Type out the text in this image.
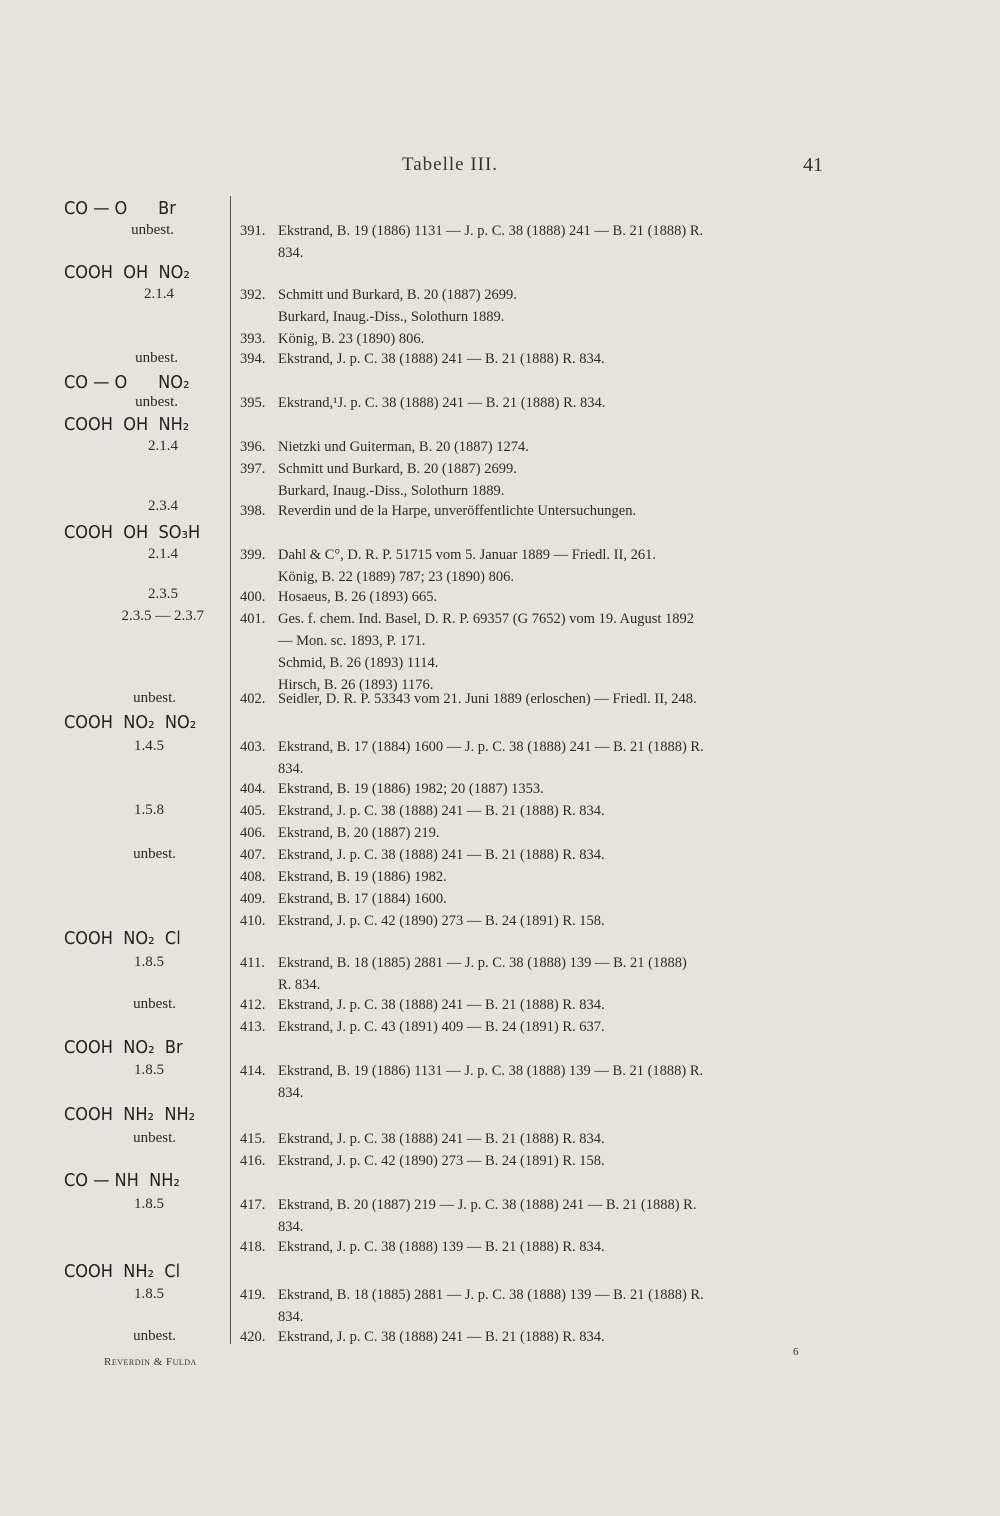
Tabelle III.	41
CO — O      Br
COOH  OH  NO₂
CO — O      NO₂
COOH  OH  NH₂
COOH  OH  SO₃H
COOH  NO₂  NO₂
COOH  NO₂  Cl
COOH  NO₂  Br
COOH  NH₂  NH₂
CO — NH  NH₂
COOH  NH₂  Cl
unbest.
2.1.4
unbest.
unbest.
2.1.4
2.3.4
2.1.4
2.3.5
2.3.5 — 2.3.7
unbest.
1.4.5
1.5.8
unbest.
1.8.5
unbest.
1.8.5
unbest.
1.8.5
1.8.5
unbest.
391. Ekstrand, B. 19 (1886) 1131 — J. p. C. 38 (1888) 241 — B. 21 (1888) R.
834.
392. Schmitt und Burkard, B. 20 (1887) 2699.
Burkard, Inaug.-Diss., Solothurn 1889.
393. König, B. 23 (1890) 806.
394. Ekstrand, J. p. C. 38 (1888) 241 — B. 21 (1888) R. 834.
395. Ekstrand,¹J. p. C. 38 (1888) 241 — B. 21 (1888) R. 834.
396. Nietzki und Guiterman, B. 20 (1887) 1274.
397. Schmitt und Burkard, B. 20 (1887) 2699.
Burkard, Inaug.-Diss., Solothurn 1889.
398. Reverdin und de la Harpe, unveröffentlichte Untersuchungen.
399. Dahl & C°, D. R. P. 51715 vom 5. Januar 1889 — Friedl. II, 261.
König, B. 22 (1889) 787; 23 (1890) 806.
400. Hosaeus, B. 26 (1893) 665.
401. Ges. f. chem. Ind. Basel, D. R. P. 69357 (G 7652) vom 19. August 1892
— Mon. sc. 1893, P. 171.
Schmid, B. 26 (1893) 1114.
Hirsch, B. 26 (1893) 1176.
402. Seidler, D. R. P. 53343 vom 21. Juni 1889 (erloschen) — Friedl. II, 248.
403. Ekstrand, B. 17 (1884) 1600 — J. p. C. 38 (1888) 241 — B. 21 (1888) R.
834.
404. Ekstrand, B. 19 (1886) 1982; 20 (1887) 1353.
405. Ekstrand, J. p. C. 38 (1888) 241 — B. 21 (1888) R. 834.
406. Ekstrand, B. 20 (1887) 219.
407. Ekstrand, J. p. C. 38 (1888) 241 — B. 21 (1888) R. 834.
408. Ekstrand, B. 19 (1886) 1982.
409. Ekstrand, B. 17 (1884) 1600.
410. Ekstrand, J. p. C. 42 (1890) 273 — B. 24 (1891) R. 158.
411. Ekstrand, B. 18 (1885) 2881 — J. p. C. 38 (1888) 139 — B. 21 (1888)
R. 834.
412. Ekstrand, J. p. C. 38 (1888) 241 — B. 21 (1888) R. 834.
413. Ekstrand, J. p. C. 43 (1891) 409 — B. 24 (1891) R. 637.
414. Ekstrand, B. 19 (1886) 1131 — J. p. C. 38 (1888) 139 — B. 21 (1888) R.
834.
415. Ekstrand, J. p. C. 38 (1888) 241 — B. 21 (1888) R. 834.
416. Ekstrand, J. p. C. 42 (1890) 273 — B. 24 (1891) R. 158.
417. Ekstrand, B. 20 (1887) 219 — J. p. C. 38 (1888) 241 — B. 21 (1888) R.
834.
418. Ekstrand, J. p. C. 38 (1888) 139 — B. 21 (1888) R. 834.
419. Ekstrand, B. 18 (1885) 2881 — J. p. C. 38 (1888) 139 — B. 21 (1888) R.
834.
420. Ekstrand, J. p. C. 38 (1888) 241 — B. 21 (1888) R. 834.
Reverdin & Fulda
6
